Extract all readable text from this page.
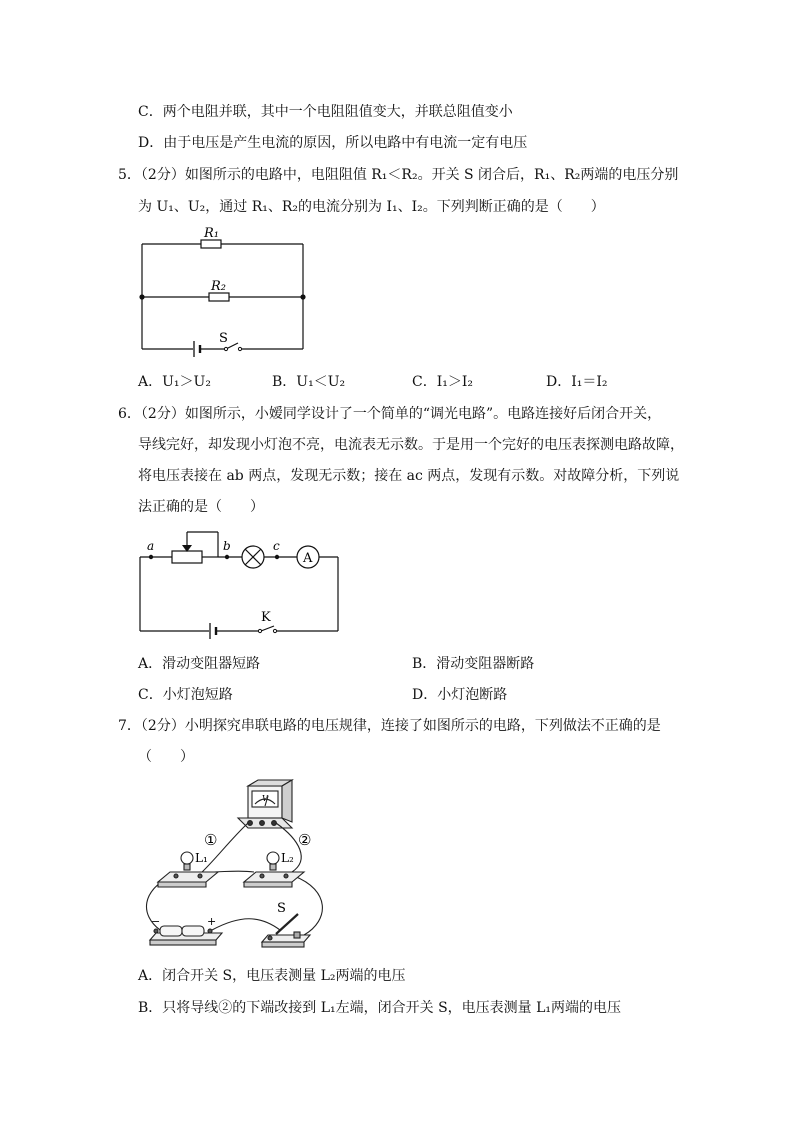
C．两个电阻并联，其中一个电阻阻值变大，并联总阻值变小
D．由于电压是产生电流的原因，所以电路中有电流一定有电压
5．（2分）如图所示的电路中，电阻阻值 R₁＜R₂。开关 S 闭合后，R₁、R₂两端的电压分别
为 U₁、U₂，通过 R₁、R₂的电流分别为 I₁、I₂。下列判断正确的是（　　）
R₁
R₂
S
A．U₁＞U₂	B．U₁＜U₂	C．I₁＞I₂	D．I₁＝I₂
6．（2分）如图所示，小嫒同学设计了一个简单的“调光电路”。电路连接好后闭合开关，
导线完好，却发现小灯泡不亮，电流表无示数。于是用一个完好的电压表探测电路故障，
将电压表接在 ab 两点，发现无示数；接在 ac 两点，发现有示数。对故障分析，下列说
法正确的是（　　）
A
a	b	c
K
A．滑动变阻器短路	B．滑动变阻器断路
C．小灯泡短路	D．小灯泡断路
7．（2分）小明探究串联电路的电压规律，连接了如图所示的电路，下列做法不正确的是
（　　）
V
①	②
L₁	L₂
−	+
S
A．闭合开关 S，电压表测量 L₂两端的电压
B．只将导线②的下端改接到 L₁左端，闭合开关 S，电压表测量 L₁两端的电压
